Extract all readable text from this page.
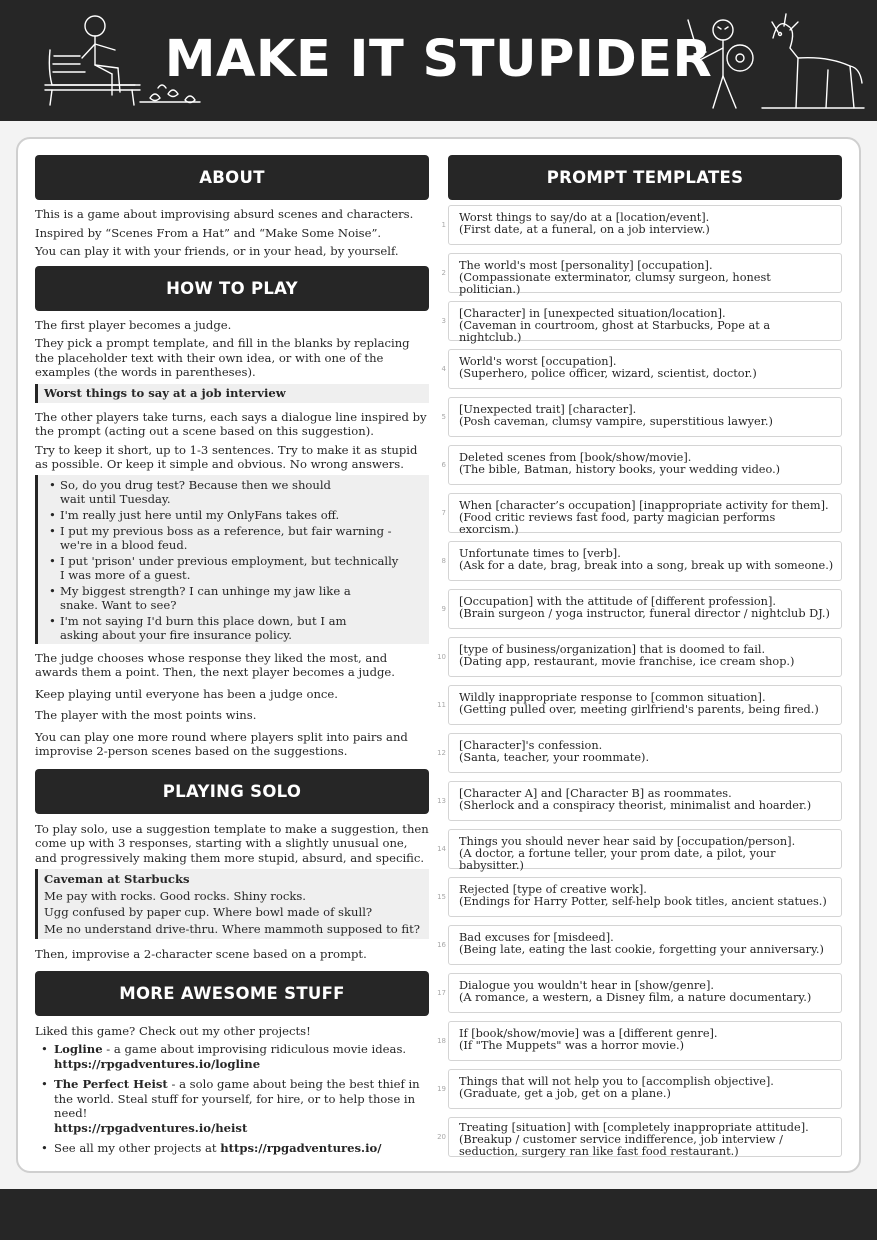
MAKE IT STUPIDER
ABOUT

This is a game about improvising absurd scenes and characters.

Inspired by “Scenes From a Hat” and “Make Some Noise”.

You can play it with your friends, or in your head, by yourself.

HOW TO PLAY

The first player becomes a judge.

They pick a prompt template, and fill in the blanks by replacing the placeholder text with their own idea, or with one of the examples (the words in parentheses).

Worst things to say at a job interview

The other players take turns, each says a dialogue line inspired by the prompt (acting out a scene based on this suggestion).

Try to keep it short, up to 1-3 sentences. Try to make it as stupid as possible. Or keep it simple and obvious. No wrong answers.

• So, do you drug test? Because then we should
wait until Tuesday.
• I'm really just here until my OnlyFans takes off.
• I put my previous boss as a reference, but fair warning -
we're in a blood feud.
• I put 'prison' under previous employment, but technically
I was more of a guest.
• My biggest strength? I can unhinge my jaw like a
snake. Want to see?
• I'm not saying I'd burn this place down, but I am
asking about your fire insurance policy.

The judge chooses whose response they liked the most, and awards them a point. Then, the next player becomes a judge.

Keep playing until everyone has been a judge once.

The player with the most points wins.

You can play one more round where players split into pairs and improvise 2-person scenes based on the suggestions.

PLAYING SOLO

To play solo, use a suggestion template to make a suggestion, then come up with 3 responses, starting with a slightly unusual one, and progressively making them more stupid, absurd, and specific.

Caveman at Starbucks
Me pay with rocks. Good rocks. Shiny rocks.
Ugg confused by paper cup. Where bowl made of skull?
Me no understand drive-thru. Where mammoth supposed to fit?

Then, improvise a 2-character scene based on a prompt.

MORE AWESOME STUFF

Liked this game? Check out my other projects!

• Logline - a game about improvising ridiculous movie ideas.
https://rpgadventures.io/logline
• The Perfect Heist - a solo game about being the best thief in the world. Steal stuff for yourself, for hire, or to help those in need!
https://rpgadventures.io/heist
• See all my other projects at https://rpgadventures.io/
PROMPT TEMPLATES
1
Worst things to say/do at a [location/event].
(First date, at a funeral, on a job interview.)
2
The world's most [personality] [occupation].
(Compassionate exterminator, clumsy surgeon, honest politician.)
3
[Character] in [unexpected situation/location].
(Caveman in courtroom, ghost at Starbucks, Pope at a nightclub.)
4
World's worst [occupation].
(Superhero, police officer, wizard, scientist, doctor.)
5
[Unexpected trait] [character].
(Posh caveman, clumsy vampire, superstitious lawyer.)
6
Deleted scenes from [book/show/movie].
(The bible, Batman, history books, your wedding video.)
7
When [character’s occupation] [inappropriate activity for them].
(Food critic reviews fast food, party magician performs exorcism.)
8
Unfortunate times to [verb].
(Ask for a date, brag, break into a song, break up with someone.)
9
[Occupation] with the attitude of [different profession].
(Brain surgeon / yoga instructor, funeral director / nightclub DJ.)
10
[type of business/organization] that is doomed to fail.
(Dating app, restaurant, movie franchise, ice cream shop.)
11
Wildly inappropriate response to [common situation].
(Getting pulled over, meeting girlfriend's parents, being fired.)
12
[Character]'s confession.
(Santa, teacher, your roommate).
13
[Character A] and [Character B] as roommates.
(Sherlock and a conspiracy theorist, minimalist and hoarder.)
14
Things you should never hear said by [occupation/person].
(A doctor, a fortune teller, your prom date, a pilot, your babysitter.)
15
Rejected [type of creative work].
(Endings for Harry Potter, self-help book titles, ancient statues.)
16
Bad excuses for [misdeed].
(Being late, eating the last cookie, forgetting your anniversary.)
17
Dialogue you wouldn't hear in [show/genre].
(A romance, a western, a Disney film, a nature documentary.)
18
If [book/show/movie] was a [different genre].
(If "The Muppets" was a horror movie.)
19
Things that will not help you to [accomplish objective].
(Graduate, get a job, get on a plane.)
20
Treating [situation] with [completely inappropriate attitude].
(Breakup / customer service indifference, job interview /
seduction, surgery ran like fast food restaurant.)
